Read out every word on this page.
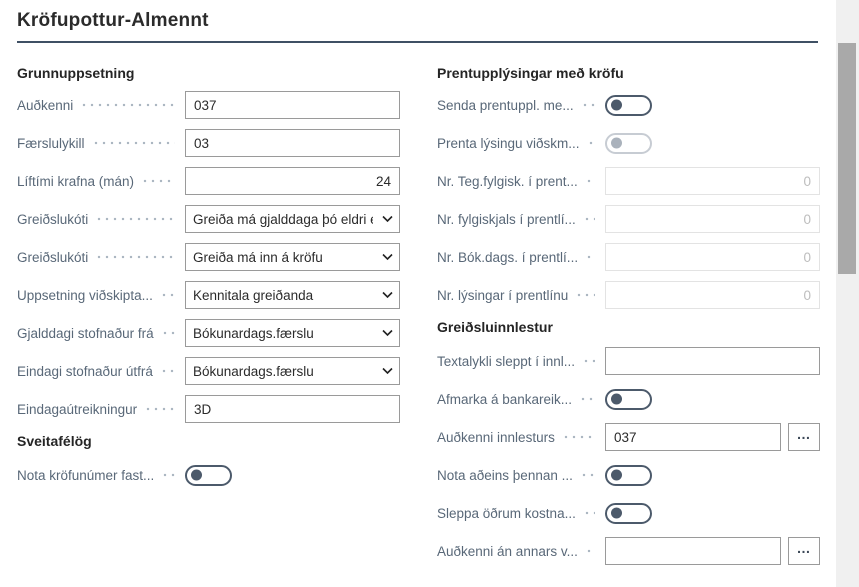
Kröfupottur-Almennt
Grunnuppsetning
Auðkenni
037
Færslulykill
03
Líftími krafna (mán)
24
Greiðslukóti
Greiða má gjalddaga þó eldri e
Greiðslukóti
Greiða má inn á kröfu
Uppsetning viðskipta...
Kennitala greiðanda
Gjalddagi stofnaður frá
Bókunardags.færslu
Eindagi stofnaður útfrá
Bókunardags.færslu
Eindagaútreikningur
3D
Sveitafélög
Nota kröfunúmer fast...
Prentupplýsingar með kröfu
Senda prentuppl. me...
Prenta lýsingu viðskm...
Nr. Teg.fylgisk. í prent...
0
Nr. fylgiskjals í prentlí...
0
Nr. Bók.dags. í prentlí...
0
Nr. lýsingar í prentlínu
0
Greiðsluinnlestur
Textalykli sleppt í innl...
Afmarka á bankareik...
Auðkenni innlesturs
037	…
Nota aðeins þennan ...
Sleppa öðrum kostna...
Auðkenni án annars v...	…
